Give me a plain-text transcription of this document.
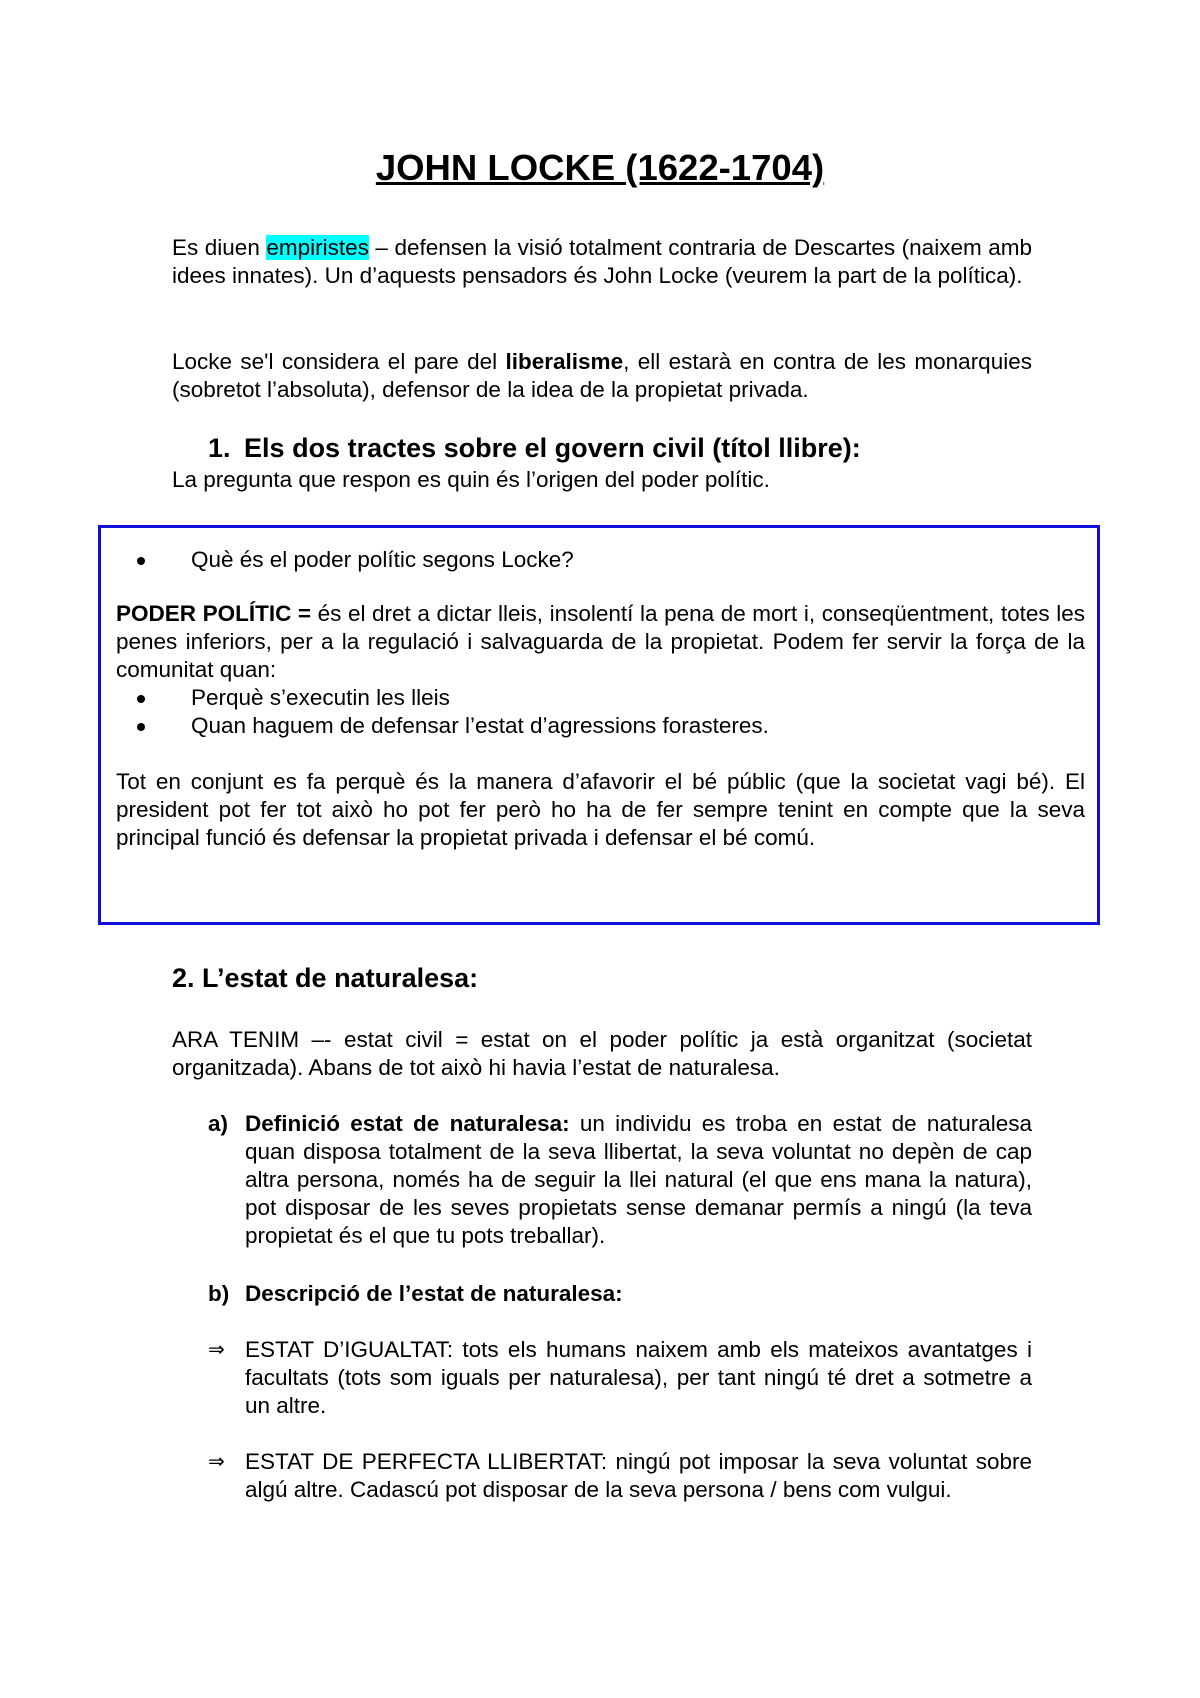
JOHN LOCKE (1622-1704)

Es diuen empiristes – defensen la visió totalment contraria de Descartes (naixem amb idees innates). Un d’aquests pensadors és John Locke (veurem la part de la política).

Locke se'l considera el pare del liberalisme, ell estarà en contra de les monarquies (sobretot l’absoluta), defensor de la idea de la propietat privada.

1. Els dos tractes sobre el govern civil (títol llibre):

La pregunta que respon es quin és l’origen del poder polític.

Què és el poder polític segons Locke?

PODER POLÍTIC = és el dret a dictar lleis, insolentí la pena de mort i, conseqüentment, totes les penes inferiors, per a la regulació i salvaguarda de la propietat. Podem fer servir la força de la comunitat quan:

Perquè s’executin les lleis
Quan haguem de defensar l’estat d’agressions forasteres.

Tot en conjunt es fa perquè és la manera d’afavorir el bé públic (que la societat vagi bé). El president pot fer tot això ho pot fer però ho ha de fer sempre tenint en compte que la seva principal funció és defensar la propietat privada i defensar el bé comú.

2. L’estat de naturalesa:

ARA TENIM –- estat civil = estat on el poder polític ja està organitzat (societat organitzada). Abans de tot això hi havia l’estat de naturalesa.

a) Definició estat de naturalesa: un individu es troba en estat de naturalesa quan disposa totalment de la seva llibertat, la seva voluntat no depèn de cap altra persona, només ha de seguir la llei natural (el que ens mana la natura), pot disposar de les seves propietats sense demanar permís a ningú (la teva propietat és el que tu pots treballar).

b) Descripció de l’estat de naturalesa:

⇒ ESTAT D’IGUALTAT: tots els humans naixem amb els mateixos avantatges i facultats (tots som iguals per naturalesa), per tant ningú té dret a sotmetre a un altre.

⇒ ESTAT DE PERFECTA LLIBERTAT: ningú pot imposar la seva voluntat sobre algú altre. Cadascú pot disposar de la seva persona / bens com vulgui.
